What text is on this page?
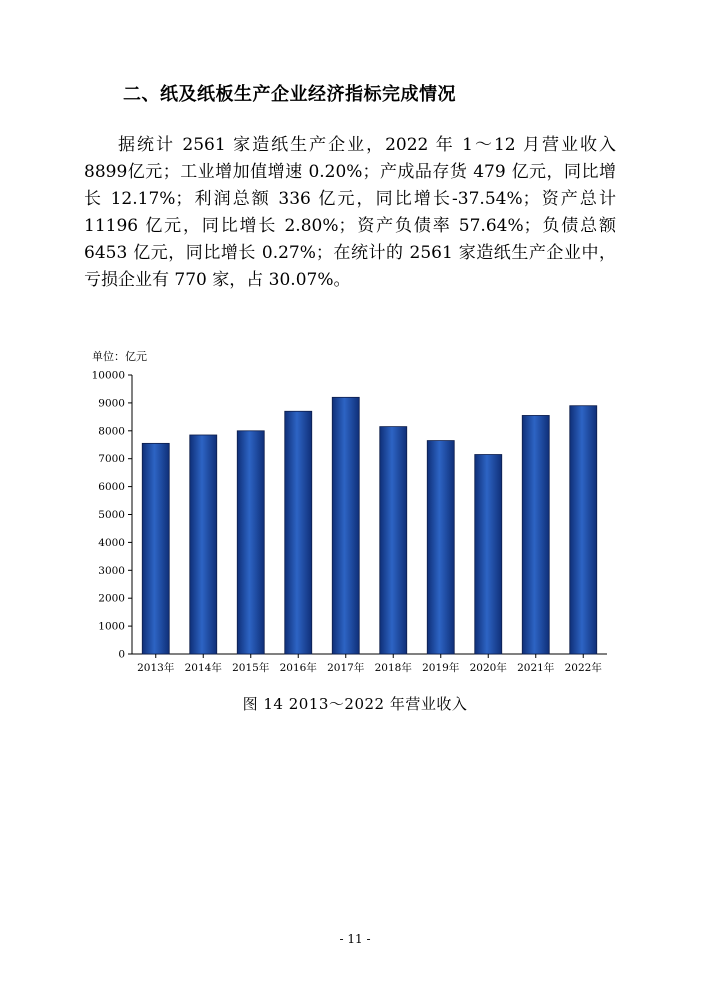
二、纸及纸板生产企业经济指标完成情况

据统计 2561 家造纸生产企业，2022 年 1～12 月营业收入 8899亿元；工业增加值增速 0.20%；产成品存货 479 亿元，同比增长 12.17%；利润总额 336 亿元，同比增长-37.54%；资产总计11196 亿元，同比增长 2.80%；资产负债率 57.64%；负债总额6453 亿元，同比增长 0.27%；在统计的 2561 家造纸生产企业中，亏损企业有 770 家，占 30.07%。

单位：亿元
0
1000
2000
3000
4000
5000
6000
7000
8000
9000
10000
2013年 2014年 2015年 2016年 2017年 2018年 2019年 2020年 2021年 2022年

图 14 2013～2022 年营业收入

- 11 -
